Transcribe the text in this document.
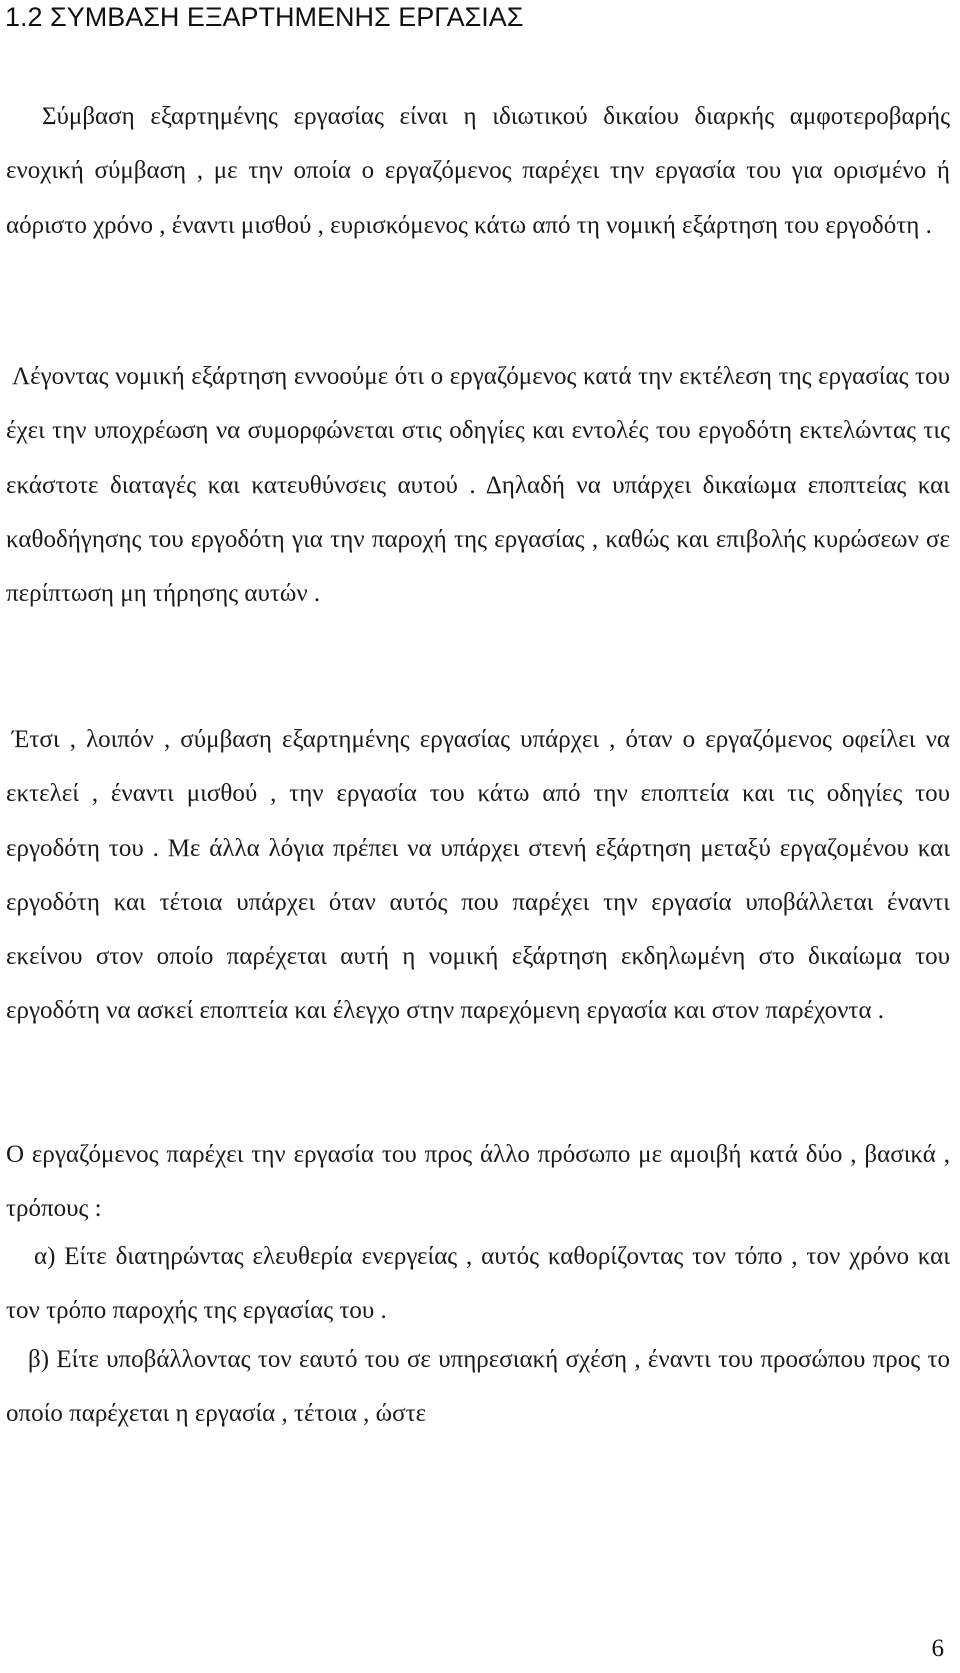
1.2 ΣΥΜΒΑΣΗ ΕΞΑΡΤΗΜΕΝΗΣ ΕΡΓΑΣΙΑΣ

Σύμβαση εξαρτημένης εργασίας είναι η ιδιωτικού δικαίου διαρκής αμφοτεροβαρής ενοχική σύμβαση , με την οποία ο εργαζόμενος παρέχει την εργασία του για ορισμένο ή αόριστο χρόνο , έναντι μισθού , ευρισκόμενος κάτω από τη νομική εξάρτηση του εργοδότη .

Λέγοντας νομική εξάρτηση εννοούμε ότι ο εργαζόμενος κατά την εκτέλεση της εργασίας του έχει την υποχρέωση να συμορφώνεται στις οδηγίες και εντολές του εργοδότη εκτελώντας τις εκάστοτε διαταγές και κατευθύνσεις αυτού . Δηλαδή να υπάρχει δικαίωμα εποπτείας και καθοδήγησης του εργοδότη για την παροχή της εργασίας , καθώς και επιβολής κυρώσεων σε περίπτωση μη τήρησης αυτών .

Έτσι , λοιπόν , σύμβαση εξαρτημένης εργασίας υπάρχει , όταν ο εργαζόμενος οφείλει να εκτελεί , έναντι μισθού , την εργασία του κάτω από την εποπτεία και τις οδηγίες του εργοδότη του . Με άλλα λόγια πρέπει να υπάρχει στενή εξάρτηση μεταξύ εργαζομένου και εργοδότη και τέτοια υπάρχει όταν αυτός που παρέχει την εργασία υποβάλλεται έναντι εκείνου στον οποίο παρέχεται αυτή η νομική εξάρτηση εκδηλωμένη στο δικαίωμα του εργοδότη να ασκεί εποπτεία και έλεγχο στην παρεχόμενη εργασία και στον παρέχοντα .

Ο εργαζόμενος παρέχει την εργασία του προς άλλο πρόσωπο με αμοιβή κατά δύο , βασικά , τρόπους :

α) Είτε διατηρώντας ελευθερία ενεργείας , αυτός καθορίζοντας τον τόπο , τον χρόνο και τον τρόπο παροχής της εργασίας του .

β) Είτε υποβάλλοντας τον εαυτό του σε υπηρεσιακή σχέση , έναντι του προσώπου προς το οποίο παρέχεται η εργασία , τέτοια , ώστε

6
